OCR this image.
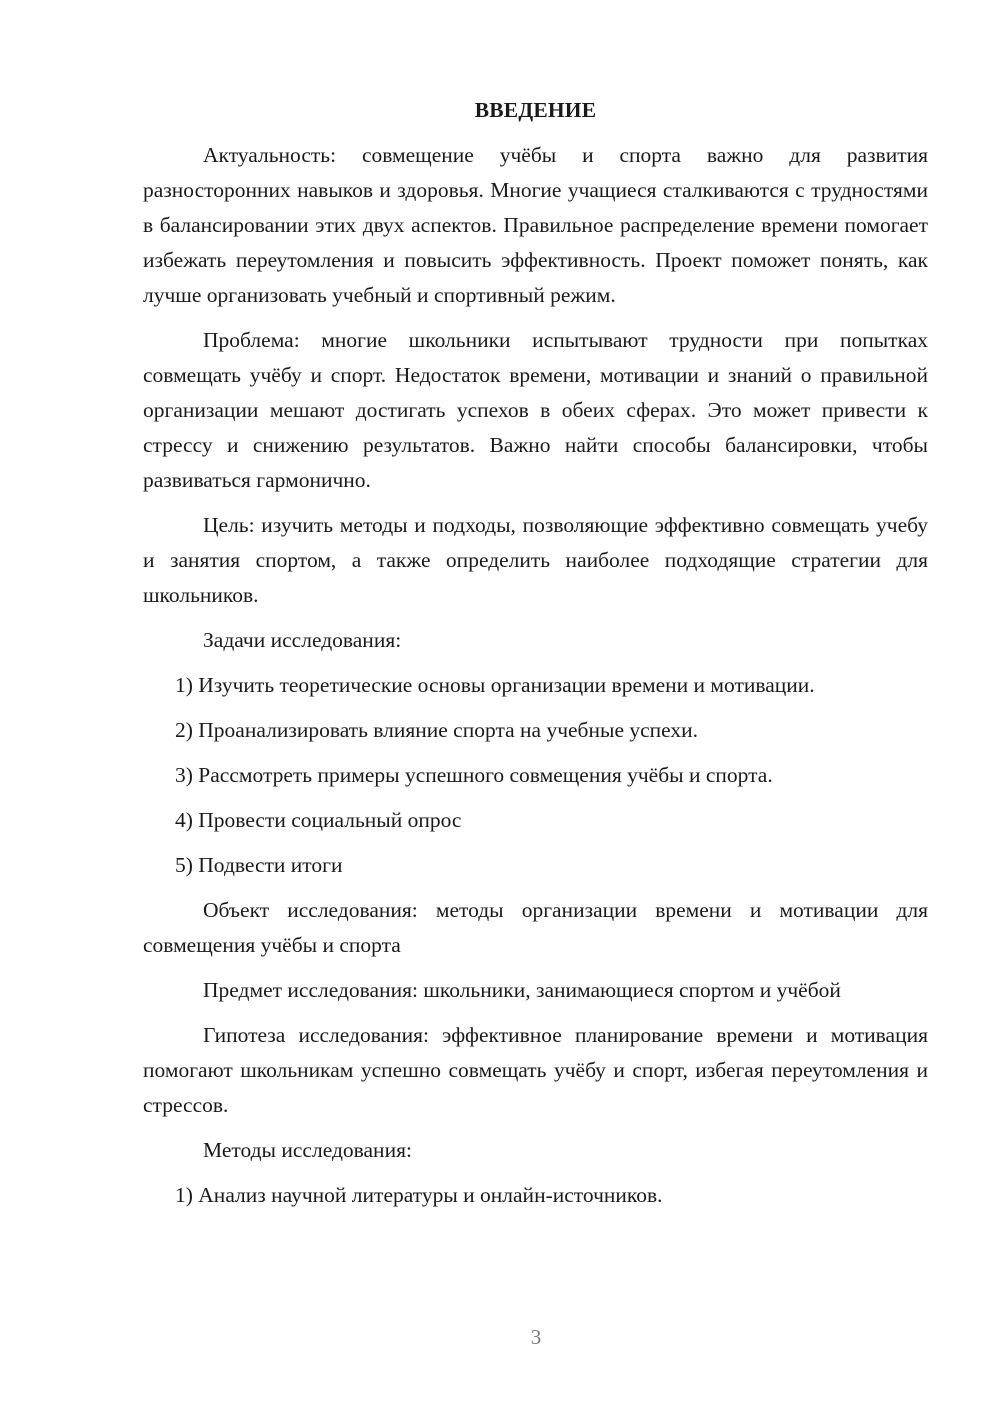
ВВЕДЕНИЕ

Актуальность: совмещение учёбы и спорта важно для развития разносторонних навыков и здоровья. Многие учащиеся сталкиваются с трудностями в балансировании этих двух аспектов. Правильное распределение времени помогает избежать переутомления и повысить эффективность. Проект поможет понять, как лучше организовать учебный и спортивный режим.

Проблема: многие школьники испытывают трудности при попытках совмещать учёбу и спорт. Недостаток времени, мотивации и знаний о правильной организации мешают достигать успехов в обеих сферах. Это может привести к стрессу и снижению результатов. Важно найти способы балансировки, чтобы развиваться гармонично.

Цель: изучить методы и подходы, позволяющие эффективно совмещать учебу и занятия спортом, а также определить наиболее подходящие стратегии для школьников.

Задачи исследования:

1) Изучить теоретические основы организации времени и мотивации.

2) Проанализировать влияние спорта на учебные успехи.

3) Рассмотреть примеры успешного совмещения учёбы и спорта.

4) Провести социальный опрос

5) Подвести итоги

Объект исследования: методы организации времени и мотивации для совмещения учёбы и спорта

Предмет исследования: школьники, занимающиеся спортом и учёбой

Гипотеза исследования: эффективное планирование времени и мотивация помогают школьникам успешно совмещать учёбу и спорт, избегая переутомления и стрессов.

Методы исследования:

1) Анализ научной литературы и онлайн-источников.

3
